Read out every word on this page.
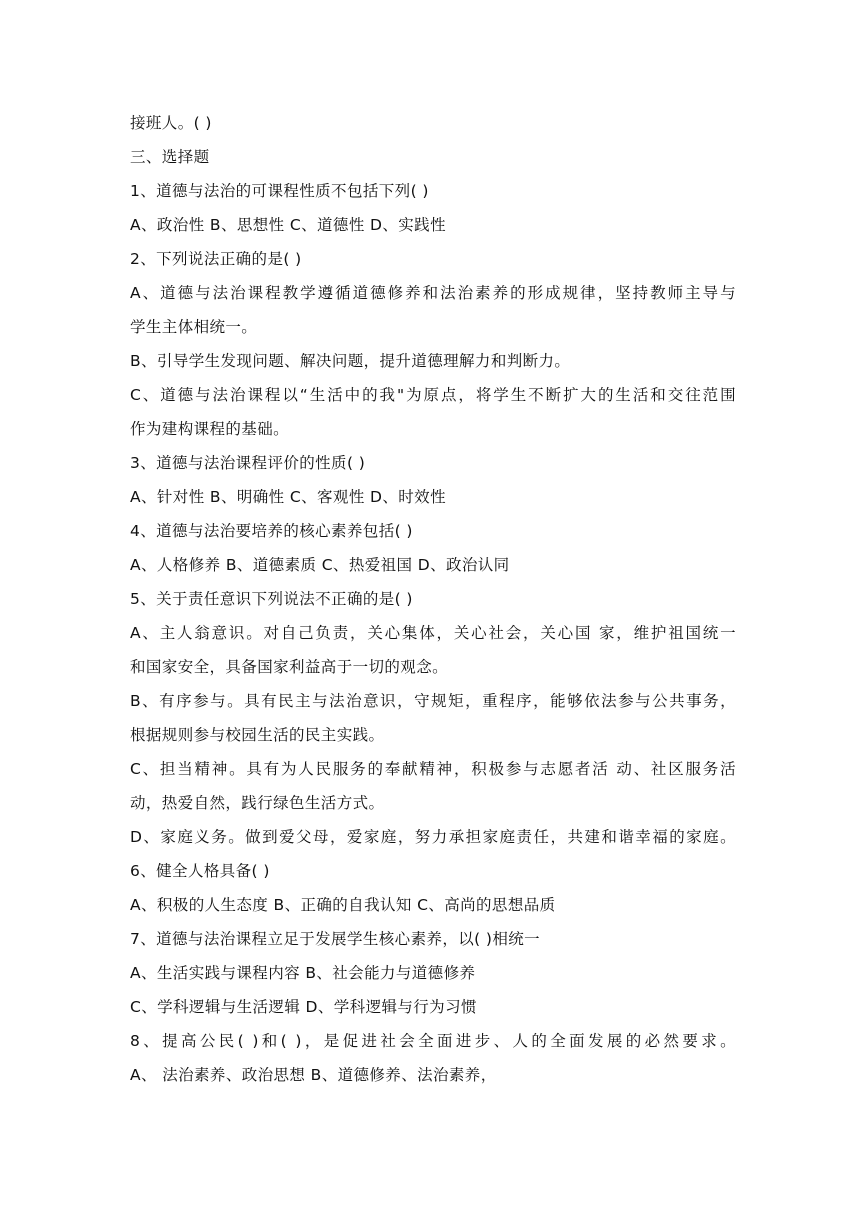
接班人。( )
三、选择题
1、道德与法治的可课程性质不包括下列( )
A、政治性 B、思想性 C、道德性 D、实践性
2、下列说法正确的是( )
A、道德与法治课程教学遵循道德修养和法治素养的形成规律，坚持教师主导与
学生主体相统一。
B、引导学生发现问题、解决问题，提升道德理解力和判断力。
C、道德与法治课程以“生活中的我"为原点，将学生不断扩大的生活和交往范围
作为建构课程的基础。
3、道德与法治课程评价的性质( )
A、针对性 B、明确性 C、客观性 D、时效性
4、道德与法治要培养的核心素养包括( )
A、人格修养 B、道德素质 C、热爱祖国 D、政治认同
5、关于责任意识下列说法不正确的是( )
A、主人翁意识。对自己负责，关心集体，关心社会，关心国 家，维护祖国统一
和国家安全，具备国家利益高于一切的观念。
B、有序参与。具有民主与法治意识，守规矩，重程序，能够依法参与公共事务，
根据规则参与校园生活的民主实践。
C、担当精神。具有为人民服务的奉献精神，积极参与志愿者活 动、社区服务活
动，热爱自然，践行绿色生活方式。
D、家庭义务。做到爱父母，爱家庭，努力承担家庭责任，共建和谐幸福的家庭。
6、健全人格具备( )
A、积极的人生态度 B、正确的自我认知 C、高尚的思想品质
7、道德与法治课程立足于发展学生核心素养，以( )相统一
A、生活实践与课程内容 B、社会能力与道德修养
C、学科逻辑与生活逻辑 D、学科逻辑与行为习惯
8、提高公民( )和( )，是促进社会全面进步、人的全面发展的必然要求。
A、 法治素养、政治思想 B、道德修养、法治素养，
